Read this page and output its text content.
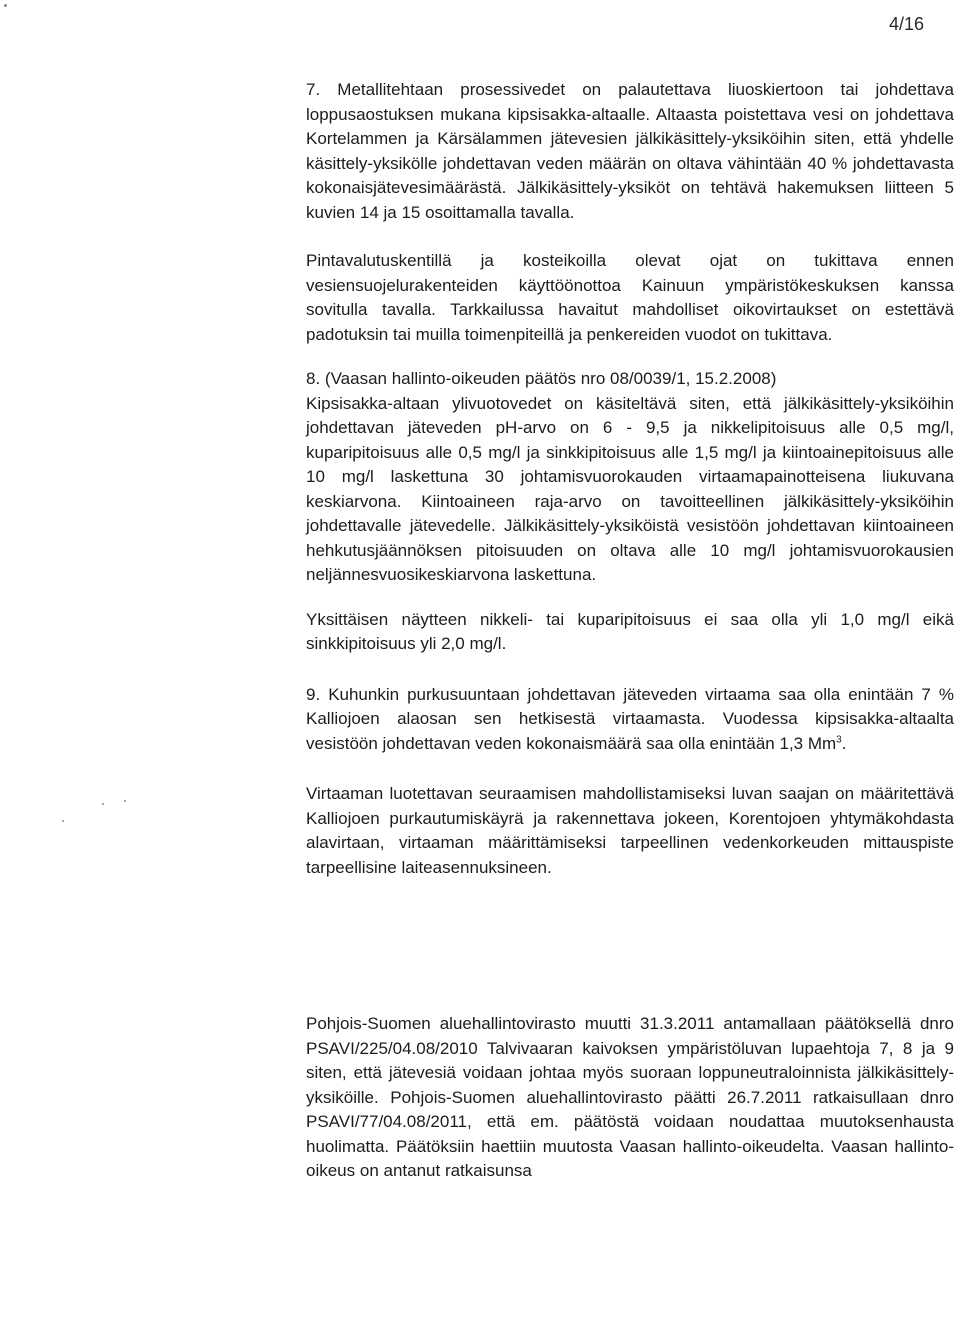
4/16

7. Metallitehtaan prosessivedet on palautettava liuoskiertoon tai johdettava loppusaostuksen mukana kipsisakka-altaalle. Altaasta poistettava vesi on johdettava Kortelammen ja Kärsälammen jätevesien jälkikäsittely-yksiköihin siten, että yhdelle käsittely-yksikölle johdettavan veden määrän on oltava vähintään 40 % johdettavasta kokonaisjätevesimäärästä. Jälkikäsittely-yksiköt on tehtävä hakemuksen liitteen 5 kuvien 14 ja 15 osoittamalla tavalla.

Pintavalutuskentillä ja kosteikoilla olevat ojat on tukittava ennen vesiensuojelurakenteiden käyttöönottoa Kainuun ympäristökeskuksen kanssa sovitulla tavalla. Tarkkailussa havaitut mahdolliset oikovirtaukset on estettävä padotuksin tai muilla toimenpiteillä ja penkereiden vuodot on tukittava.

8. (Vaasan hallinto-oikeuden päätös nro 08/0039/1, 15.2.2008)

Kipsisakka-altaan ylivuotovedet on käsiteltävä siten, että jälkikäsittely-yksiköihin johdettavan jäteveden pH-arvo on 6 - 9,5 ja nikkelipitoisuus alle 0,5 mg/l, kuparipitoisuus alle 0,5 mg/l ja sinkkipitoisuus alle 1,5 mg/l ja kiintoainepitoisuus alle 10 mg/l laskettuna 30 johtamisvuorokauden virtaamapainotteisena liukuvana keskiarvona. Kiintoaineen raja-arvo on tavoitteellinen jälkikäsittely-yksiköihin johdettavalle jätevedelle. Jälkikäsittely-yksiköistä vesistöön johdettavan kiintoaineen hehkutusjäännöksen pitoisuuden on oltava alle 10 mg/l johtamisvuorokausien neljännesvuosikeskiarvona laskettuna.

Yksittäisen näytteen nikkeli- tai kuparipitoisuus ei saa olla yli 1,0 mg/l eikä sinkkipitoisuus yli 2,0 mg/l.

9. Kuhunkin purkusuuntaan johdettavan jäteveden virtaama saa olla enintään 7 % Kalliojoen alaosan sen hetkisestä virtaamasta. Vuodessa kipsisakka-altaalta vesistöön johdettavan veden kokonaismäärä saa olla enintään 1,3 Mm$^3$.

Virtaaman luotettavan seuraamisen mahdollistamiseksi luvan saajan on määritettävä Kalliojoen purkautumiskäyrä ja rakennettava jokeen, Korentojoen yhtymäkohdasta alavirtaan, virtaaman määrittämiseksi tarpeellinen vedenkorkeuden mittauspiste tarpeellisine laiteasennuksineen.

Pohjois-Suomen aluehallintovirasto muutti 31.3.2011 antamallaan päätöksellä dnro PSAVI/225/04.08/2010 Talvivaaran kaivoksen ympäristöluvan lupaehtoja 7, 8 ja 9 siten, että jätevesiä voidaan johtaa myös suoraan loppuneutraloinnista jälkikäsittely-yksiköille. Pohjois-Suomen aluehallintovirasto päätti 26.7.2011 ratkaisullaan dnro PSAVI/77/04.08/2011, että em. päätöstä voidaan noudattaa muutoksenhausta huolimatta. Päätöksiin haettiin muutosta Vaasan hallinto-oikeudelta. Vaasan hallinto-oikeus on antanut ratkaisunsa
